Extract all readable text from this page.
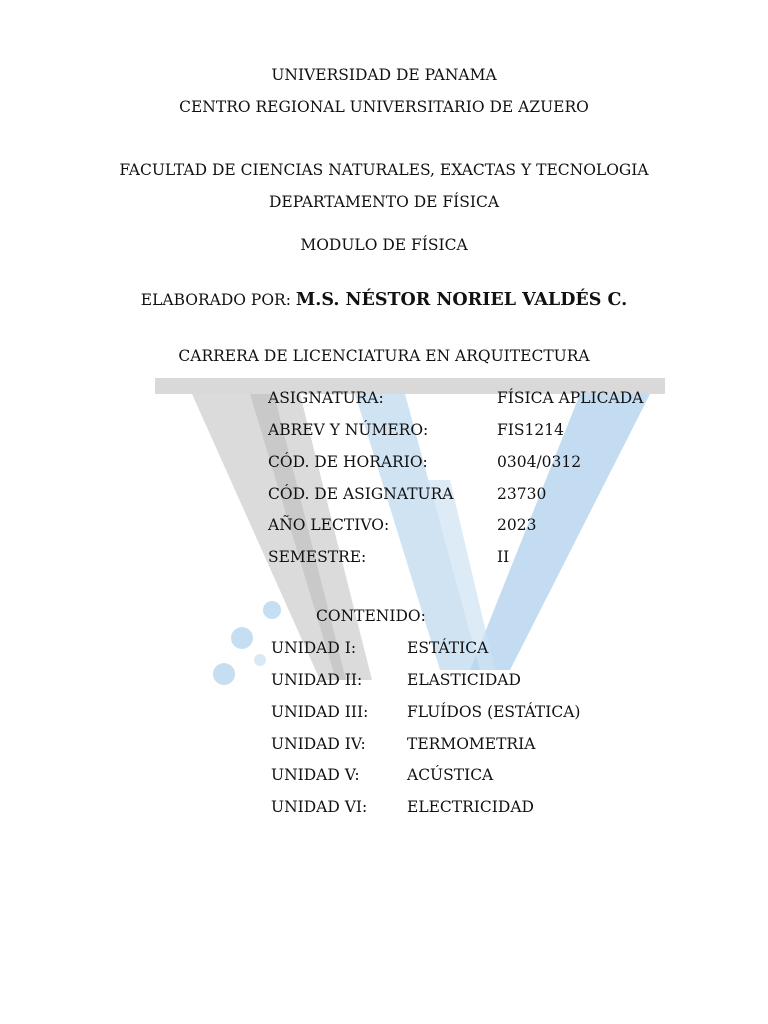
UNIVERSIDAD DE PANAMA
CENTRO REGIONAL UNIVERSITARIO DE AZUERO
FACULTAD DE CIENCIAS NATURALES, EXACTAS Y TECNOLOGIA
DEPARTAMENTO DE FÍSICA
MODULO DE FÍSICA
ELABORADO POR: M.S. NÉSTOR NORIEL VALDÉS C.
CARRERA DE LICENCIATURA EN ARQUITECTURA
ASIGNATURA:	FÍSICA APLICADA
ABREV Y NÚMERO:	FIS1214
CÓD. DE HORARIO:	0304/0312
CÓD. DE ASIGNATURA	23730
AÑO LECTIVO:	2023
SEMESTRE:	II
CONTENIDO:
UNIDAD I:	ESTÁTICA
UNIDAD II:	ELASTICIDAD
UNIDAD III: FLUÍDOS (ESTÁTICA)
UNIDAD IV:	TERMOMETRIA
UNIDAD V:	ACÚSTICA
UNIDAD VI:	ELECTRICIDAD
